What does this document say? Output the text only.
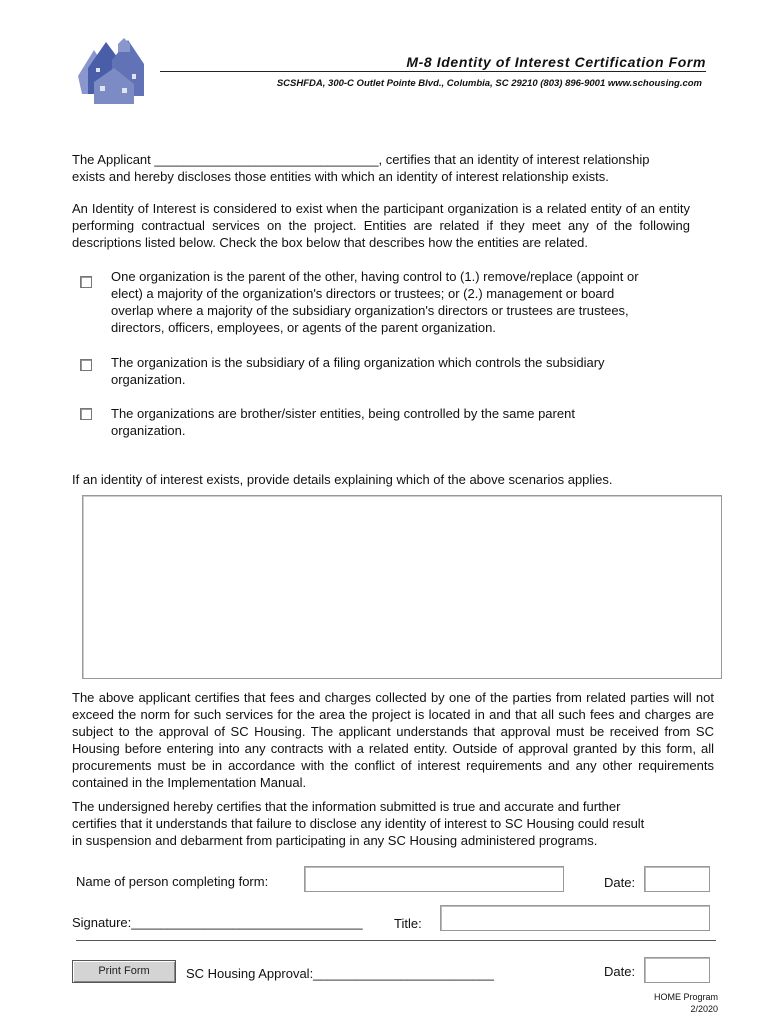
M-8 Identity of Interest Certification Form
SCSHFDA, 300-C Outlet Pointe Blvd., Columbia, SC 29210 (803) 896-9001 www.schousing.com
The Applicant _______________________________, certifies that an identity of interest relationship
exists and hereby discloses those entities with which an identity of interest relationship exists.
An Identity of Interest is considered to exist when the participant organization is a related entity of an entity performing contractual services on the project. Entities are related if they meet any of the following descriptions listed below. Check the box below that describes how the entities are related.
One organization is the parent of the other, having control to (1.) remove/replace (appoint or
elect) a majority of the organization's directors or trustees; or (2.) management or board
overlap where a majority of the subsidiary organization's directors or trustees are trustees,
directors, officers, employees, or agents of the parent organization.
The organization is the subsidiary of a filing organization which controls the subsidiary
organization.
The organizations are brother/sister entities, being controlled by the same parent
organization.
If an identity of interest exists, provide details explaining which of the above scenarios applies.
The above applicant certifies that fees and charges collected by one of the parties from related parties will not exceed the norm for such services for the area the project is located in and that all such fees and charges are subject to the approval of SC Housing. The applicant understands that approval must be received from SC Housing before entering into any contracts with a related entity. Outside of approval granted by this form, all procurements must be in accordance with the conflict of interest requirements and any other requirements contained in the Implementation Manual.
The undersigned hereby certifies that the information submitted is true and accurate and further
certifies that it understands that failure to disclose any identity of interest to SC Housing could result
in suspension and debarment from participating in any SC Housing administered programs.
Name of person completing form:	Date:
Signature:________________________________ Title:
Print Form	SC Housing Approval:_________________________	Date:
HOME Program
2/2020
